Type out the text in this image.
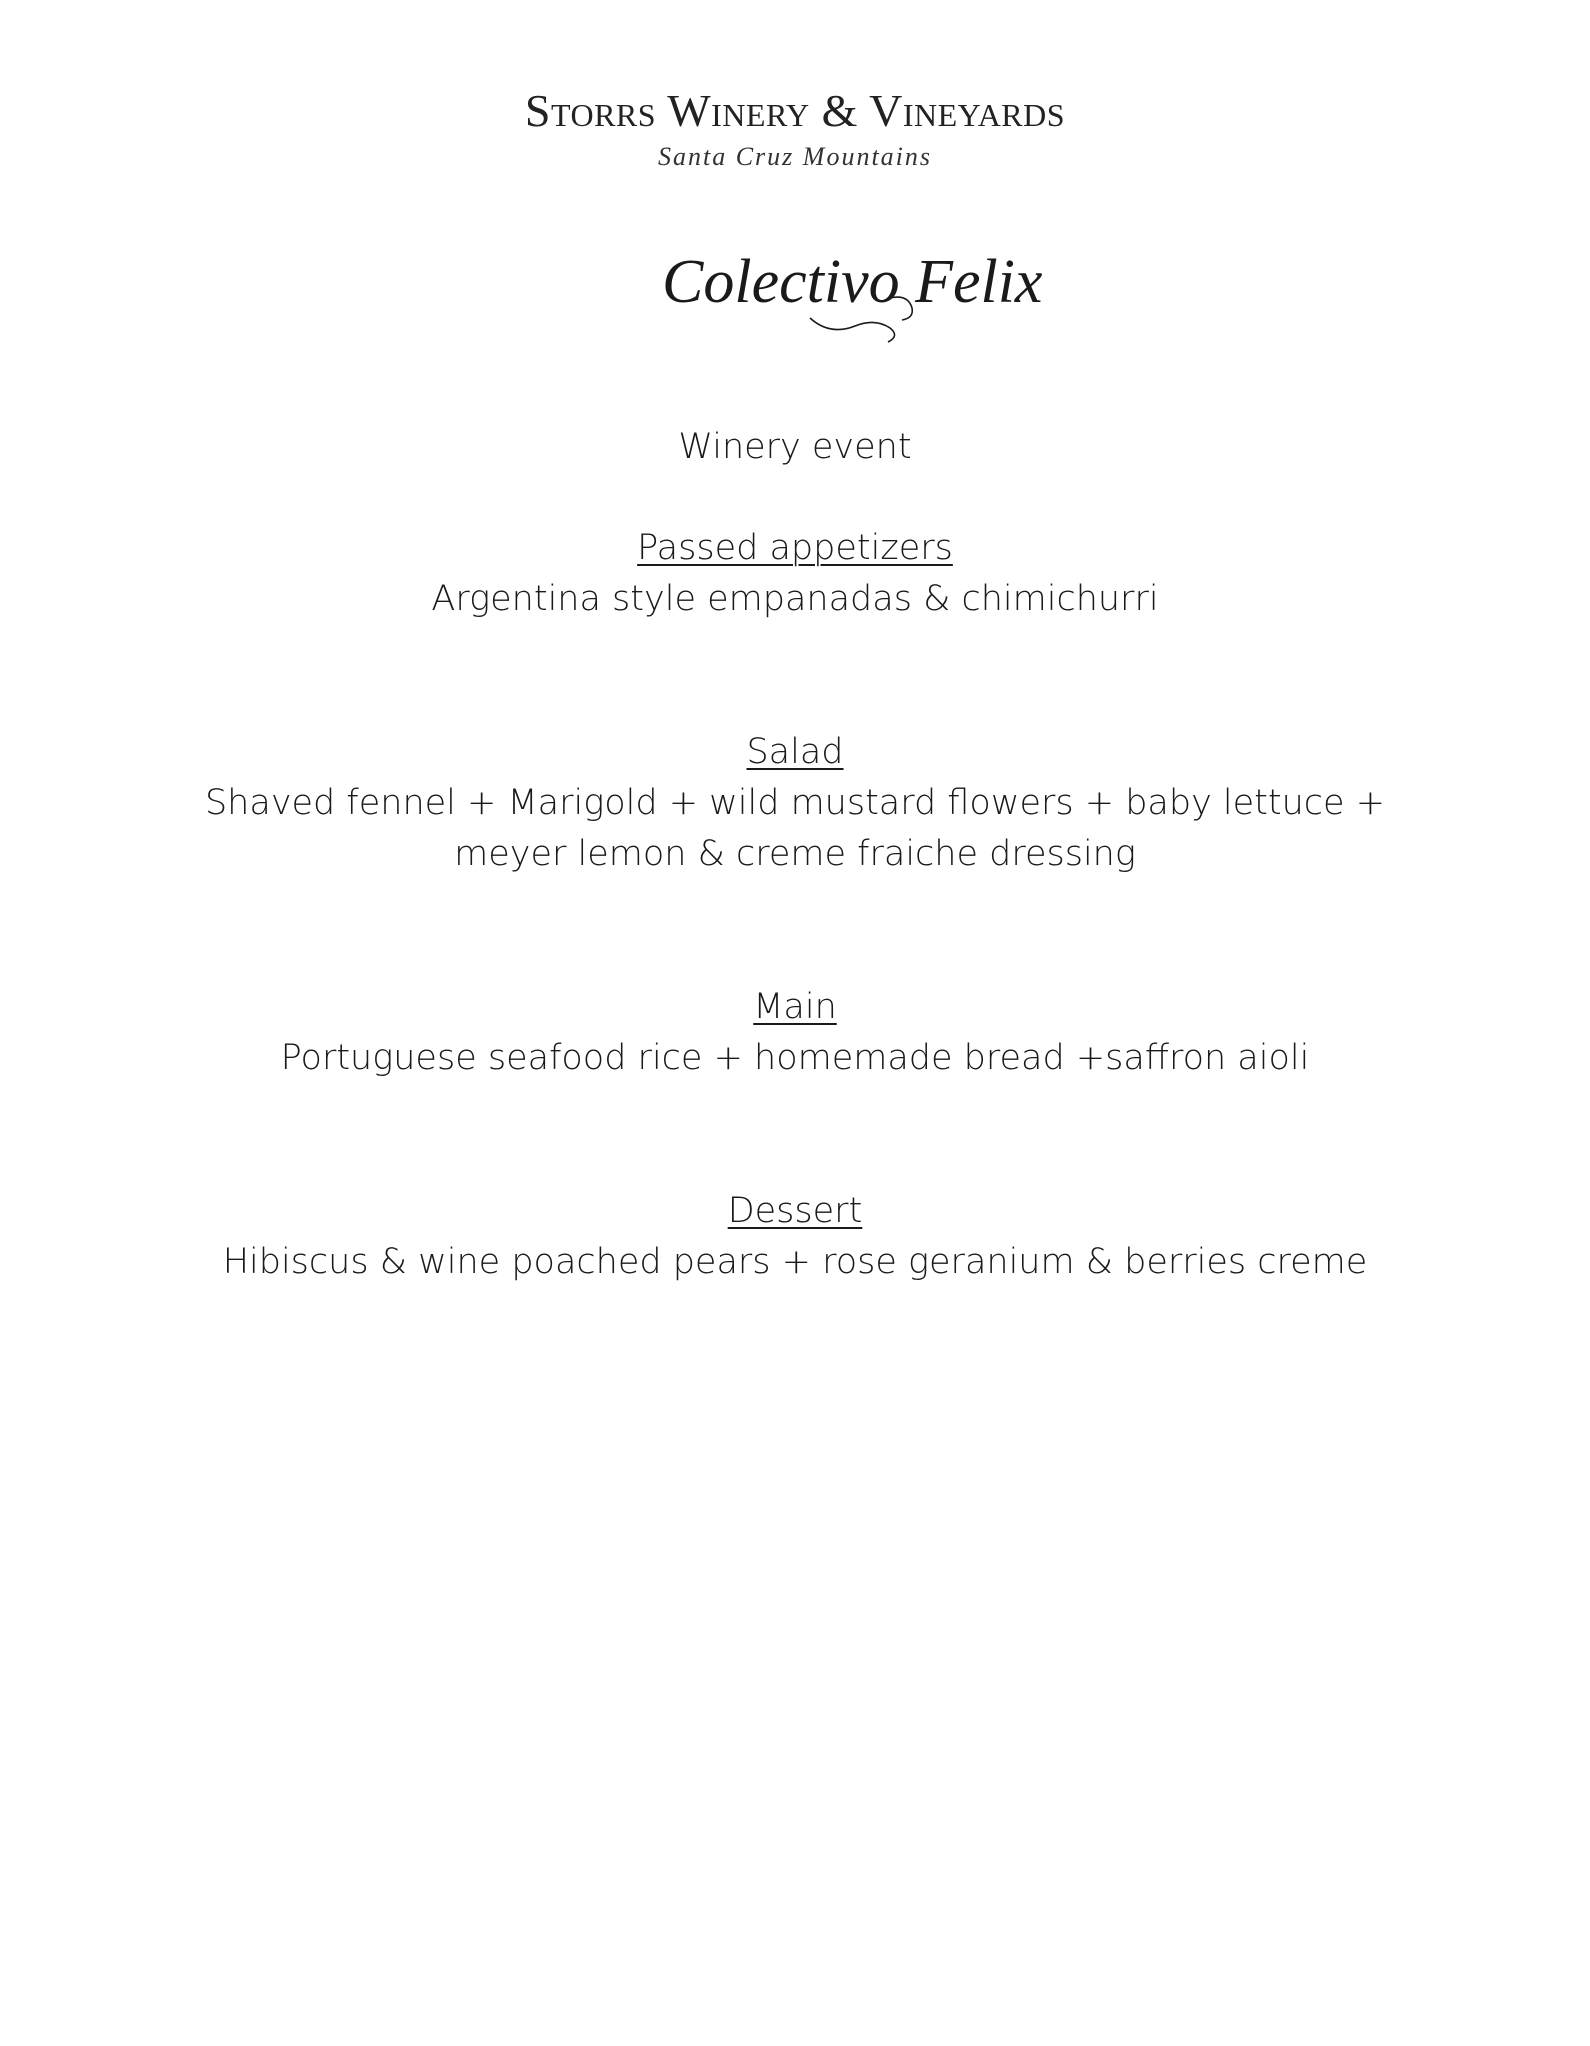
Storrs Winery & Vineyards
Santa Cruz Mountains
Colectivo Felix
Winery event
Passed appetizers
Argentina style empanadas & chimichurri
Salad
Shaved fennel + Marigold + wild mustard flowers + baby lettuce +
meyer lemon & creme fraiche dressing
Main
Portuguese seafood rice + homemade bread +saffron aioli
Dessert
Hibiscus & wine poached pears + rose geranium & berries creme
